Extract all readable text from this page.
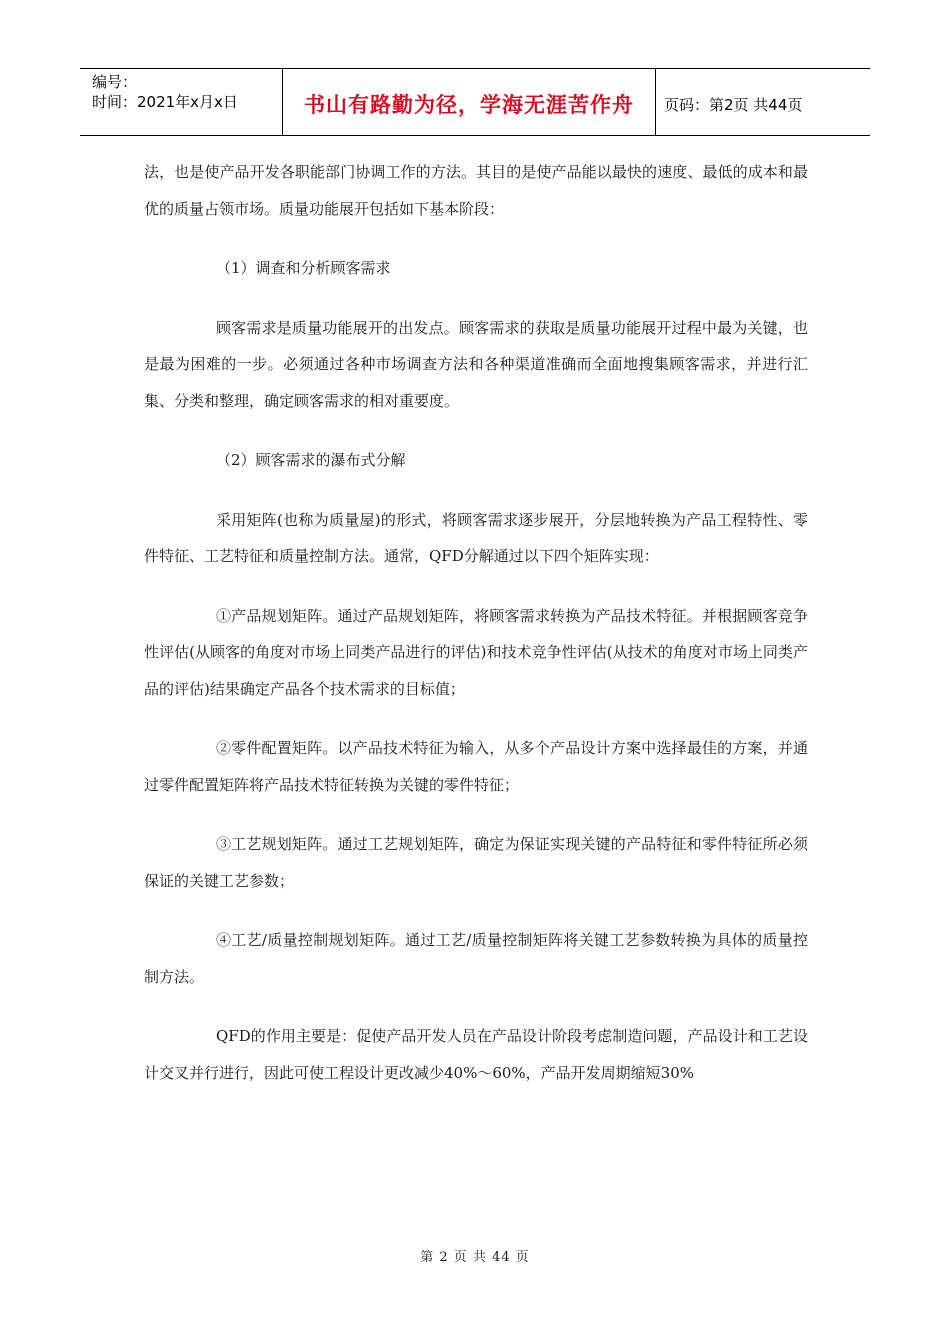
编号：
时间：2021年x月x日	书山有路勤为径，学海无涯苦作舟	页码：第2页 共44页

法，也是使产品开发各职能部门协调工作的方法。其目的是使产品能以最快的速度、最低的成本和最优的质量占领市场。质量功能展开包括如下基本阶段：

（1）调查和分析顾客需求

顾客需求是质量功能展开的出发点。顾客需求的获取是质量功能展开过程中最为关键，也是最为困难的一步。必须通过各种市场调查方法和各种渠道准确而全面地搜集顾客需求，并进行汇集、分类和整理，确定顾客需求的相对重要度。

（2）顾客需求的瀑布式分解

采用矩阵(也称为质量屋)的形式，将顾客需求逐步展开，分层地转换为产品工程特性、零件特征、工艺特征和质量控制方法。通常，QFD分解通过以下四个矩阵实现：

①产品规划矩阵。通过产品规划矩阵，将顾客需求转换为产品技术特征。并根据顾客竞争性评估(从顾客的角度对市场上同类产品进行的评估)和技术竞争性评估(从技术的角度对市场上同类产品的评估)结果确定产品各个技术需求的目标值；

②零件配置矩阵。以产品技术特征为输入，从多个产品设计方案中选择最佳的方案，并通过零件配置矩阵将产品技术特征转换为关键的零件特征；

③工艺规划矩阵。通过工艺规划矩阵，确定为保证实现关键的产品特征和零件特征所必须保证的关键工艺参数；

④工艺/质量控制规划矩阵。通过工艺/质量控制矩阵将关键工艺参数转换为具体的质量控制方法。

QFD的作用主要是：促使产品开发人员在产品设计阶段考虑制造问题，产品设计和工艺设计交叉并行进行，因此可使工程设计更改减少40%～60%，产品开发周期缩短30%

第 2 页 共 44 页
